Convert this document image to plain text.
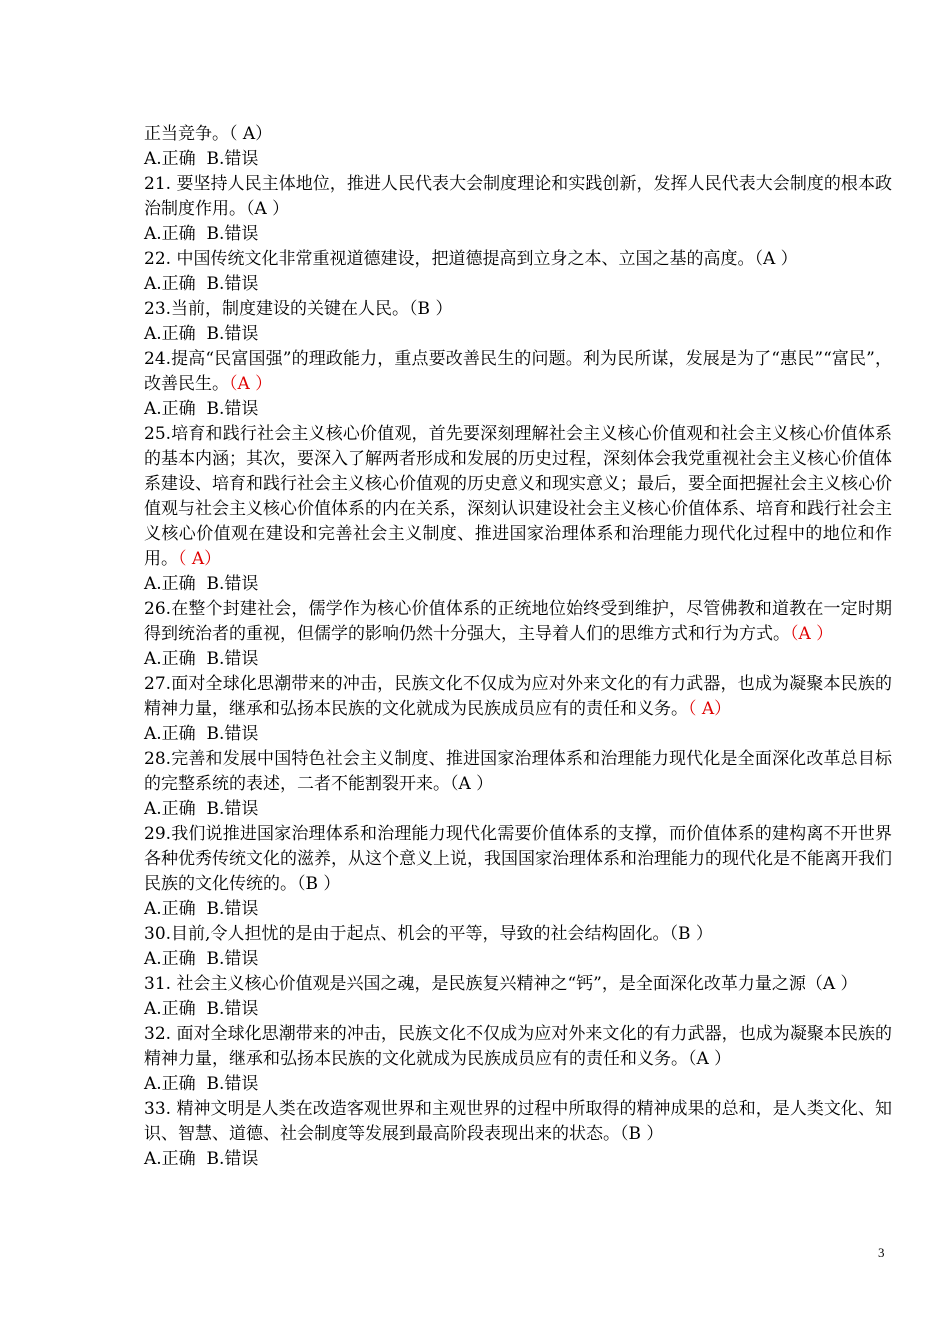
正当竞争。（ A）
A.正确  B.错误
21. 要坚持人民主体地位，推进人民代表大会制度理论和实践创新，发挥人民代表大会制度的根本政治制度作用。（A ）
A.正确  B.错误
22. 中国传统文化非常重视道德建设，把道德提高到立身之本、立国之基的高度。（A ）
A.正确  B.错误
23.当前，制度建设的关键在人民。（B ）
A.正确  B.错误
24.提高“民富国强”的理政能力，重点要改善民生的问题。利为民所谋，发展是为了“惠民”“富民”，改善民生。（A ）
A.正确  B.错误
25.培育和践行社会主义核心价值观，首先要深刻理解社会主义核心价值观和社会主义核心价值体系的基本内涵；其次，要深入了解两者形成和发展的历史过程，深刻体会我党重视社会主义核心价值体系建设、培育和践行社会主义核心价值观的历史意义和现实意义；最后，要全面把握社会主义核心价值观与社会主义核心价值体系的内在关系，深刻认识建设社会主义核心价值体系、培育和践行社会主义核心价值观在建设和完善社会主义制度、推进国家治理体系和治理能力现代化过程中的地位和作用。（ A）
A.正确  B.错误
26.在整个封建社会，儒学作为核心价值体系的正统地位始终受到维护，尽管佛教和道教在一定时期得到统治者的重视，但儒学的影响仍然十分强大，主导着人们的思维方式和行为方式。（A ）
A.正确  B.错误
27.面对全球化思潮带来的冲击，民族文化不仅成为应对外来文化的有力武器，也成为凝聚本民族的精神力量，继承和弘扬本民族的文化就成为民族成员应有的责任和义务。（ A）
A.正确  B.错误
28.完善和发展中国特色社会主义制度、推进国家治理体系和治理能力现代化是全面深化改革总目标的完整系统的表述，二者不能割裂开来。（A ）
A.正确  B.错误
29.我们说推进国家治理体系和治理能力现代化需要价值体系的支撑，而价值体系的建构离不开世界各种优秀传统文化的滋养，从这个意义上说，我国国家治理体系和治理能力的现代化是不能离开我们民族的文化传统的。（B ）
A.正确  B.错误
30.目前,令人担忧的是由于起点、机会的平等，导致的社会结构固化。（B ）
A.正确  B.错误
31. 社会主义核心价值观是兴国之魂，是民族复兴精神之“钙”，是全面深化改革力量之源（A ）
A.正确  B.错误
32. 面对全球化思潮带来的冲击，民族文化不仅成为应对外来文化的有力武器，也成为凝聚本民族的精神力量，继承和弘扬本民族的文化就成为民族成员应有的责任和义务。（A ）
A.正确  B.错误
33. 精神文明是人类在改造客观世界和主观世界的过程中所取得的精神成果的总和，是人类文化、知识、智慧、道德、社会制度等发展到最高阶段表现出来的状态。（B ）
A.正确  B.错误
3
